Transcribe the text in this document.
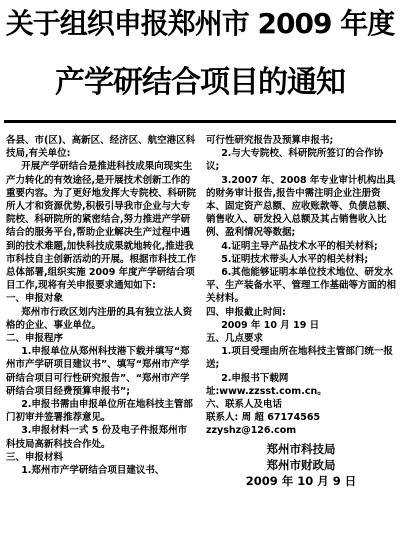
关于组织申报郑州市 2009 年度
产学研结合项目的通知

各县、市(区)、高新区、经济区、航空港区科技局,有关单位:

开展产学研结合是推进科技成果向现实生产力转化的有效途径,是开展技术创新工作的重要内容。为了更好地发挥大专院校、科研院所人才和资源优势,积极引导我市企业与大专院校、科研院所的紧密结合,努力推进产学研结合的服务平台,帮助企业解决生产过程中遇到的技术难题,加快科技成果就地转化,推进我市科技自主创新活动的开展。根据市科技工作总体部署,组织实施 2009 年度产学研结合项目工作,现将有关申报要求通知如下:

一、申报对象

郑州市行政区划内注册的具有独立法人资格的企业、事业单位。

二、申报程序

1.申报单位从郑州科技港下载并填写“郑州市产学研项目建议书”、填写“郑州市产学研结合项目可行性研究报告”、“郑州市产学研结合项目经费预算申报书”;

2.申报书需由申报单位所在地科技主管部门初审并签署推荐意见。

3.申报材料一式 5 份及电子件报郑州市科技局高新科技合作处。

三、申报材料

1.郑州市产学研结合项目建议书、

可行性研究报告及预算申报书;

2.与大专院校、科研院所签订的合作协议;

3.2007 年、2008 年专业审计机构出具的财务审计报告,报告中需注明企业注册资本、固定资产总额、应收账款等、负债总额、销售收入、研发投入总额及其占销售收入比例、盈利情况等数据;

4.证明主导产品技术水平的相关材料;

5.证明技术带头人水平的相关材料;

6.其他能够证明本单位技术地位、研发水平、生产装备水平、管理工作基础等方面的相关材料。

四、申报截止时间:

2009 年 10 月 19 日

五、几点要求

1.项目受理由所在地科技主管部门统一报送;

2.申报书下载网址:www.zzsst.com.cn。

六、联系人及电话

联系人: 周 超 67174565 zzyshz@126.com

郑州市科技局

郑州市财政局

2009 年 10 月 9 日
